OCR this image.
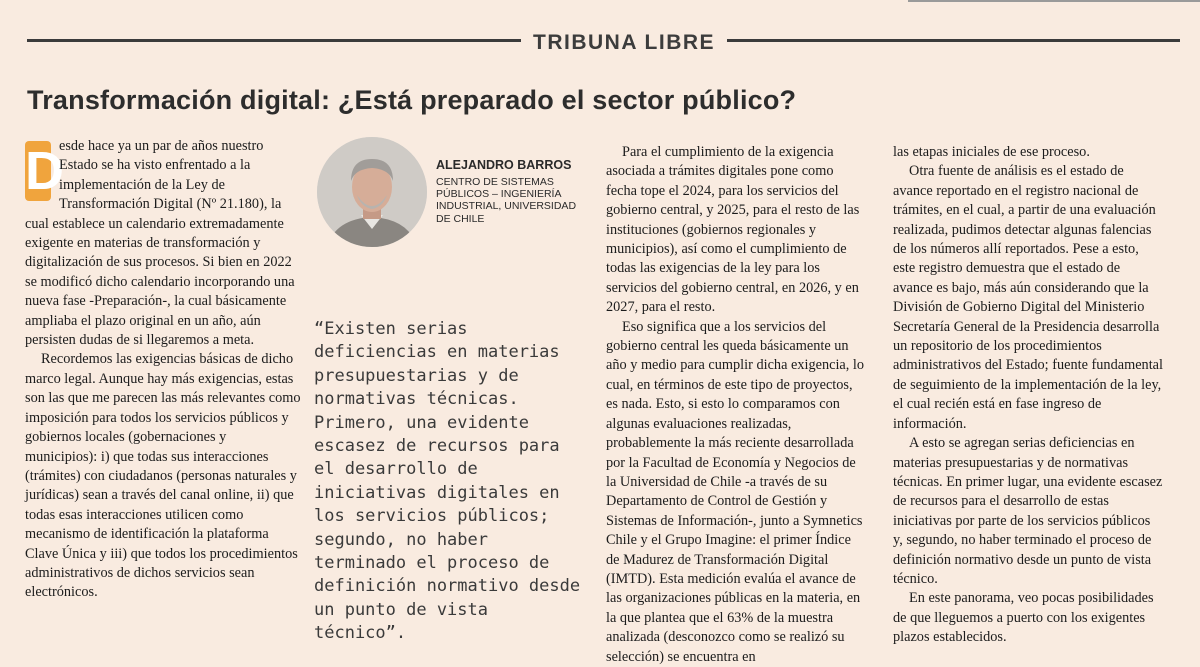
TRIBUNA LIBRE
Transformación digital: ¿Está preparado el sector público?
D

esde hace ya un par de años nuestro Estado se ha visto enfrentado a la implementación de la Ley de Transformación Digital (Nº 21.180), la cual establece un calendario extremadamente exigente en materias de transformación y digitalización de sus procesos. Si bien en 2022 se modificó dicho calendario incorporando una nueva fase -Preparación-, la cual básicamente ampliaba el plazo original en un año, aún persisten dudas de si llegaremos a meta.

Recordemos las exigencias básicas de dicho marco legal. Aunque hay más exigencias, estas son las que me parecen las más relevantes como imposición para todos los servicios públicos y gobiernos locales (gobernaciones y municipios): i) que todas sus interacciones (trámites) con ciudadanos (personas naturales y jurídicas) sean a través del canal online, ii) que todas esas interacciones utilicen como mecanismo de identificación la plataforma Clave Única y iii) que todos los procedimientos administrativos de dichos servicios sean electrónicos.

ALEJANDRO BARROS

CENTRO DE SISTEMAS PÚBLICOS – INGENIERÍA INDUSTRIAL, UNIVERSIDAD DE CHILE

“Existen serias deficiencias en materias presupuestarias y de normativas técnicas. Primero, una evidente escasez de recursos para el desarrollo de iniciativas digitales en los servicios públicos; segundo, no haber terminado el proceso de definición normativo desde un punto de vista técnico”.

Para el cumplimiento de la exigencia asociada a trámites digitales pone como fecha tope el 2024, para los servicios del gobierno central, y 2025, para el resto de las instituciones (gobiernos regionales y municipios), así como el cumplimiento de todas las exigencias de la ley para los servicios del gobierno central, en 2026, y en 2027, para el resto.

Eso significa que a los servicios del gobierno central les queda básicamente un año y medio para cumplir dicha exigencia, lo cual, en términos de este tipo de proyectos, es nada. Esto, si esto lo comparamos con algunas evaluaciones realizadas, probablemente la más reciente desarrollada por la Facultad de Economía y Negocios de la Universidad de Chile -a través de su Departamento de Control de Gestión y Sistemas de Información-, junto a Symnetics Chile y el Grupo Imagine: el primer Índice de Madurez de Transformación Digital (IMTD). Esta medición evalúa el avance de las organizaciones públicas en la materia, en la que plantea que el 63% de la muestra analizada (desconozco como se realizó su selección) se encuentra en

las etapas iniciales de ese proceso.

Otra fuente de análisis es el estado de avance reportado en el registro nacional de trámites, en el cual, a partir de una evaluación realizada, pudimos detectar algunas falencias de los números allí reportados. Pese a esto, este registro demuestra que el estado de avance es bajo, más aún considerando que la División de Gobierno Digital del Ministerio Secretaría General de la Presidencia desarrolla un repositorio de los procedimientos administrativos del Estado; fuente fundamental de seguimiento de la implementación de la ley, el cual recién está en fase ingreso de información.

A esto se agregan serias deficiencias en materias presupuestarias y de normativas técnicas. En primer lugar, una evidente escasez de recursos para el desarrollo de estas iniciativas por parte de los servicios públicos y, segundo, no haber terminado el proceso de definición normativo desde un punto de vista técnico.

En este panorama, veo pocas posibilidades de que lleguemos a puerto con los exigentes plazos establecidos.
